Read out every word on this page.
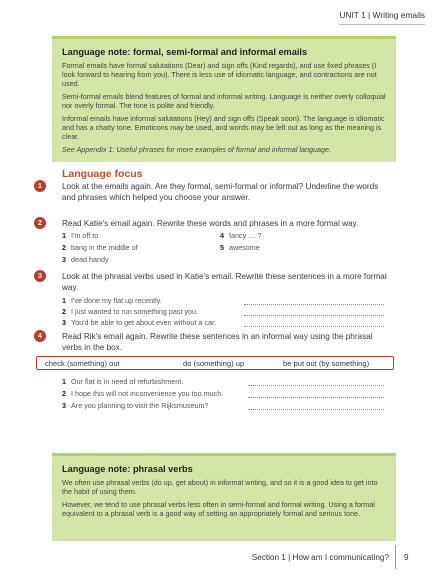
UNIT 1 | Writing emails
Language note: formal, semi-formal and informal emails

Formal emails have formal salutations (Dear) and sign offs (Kind regards), and use fixed phrases (I look forward to hearing from you). There is less use of idiomatic language, and contractions are not used.

Semi-formal emails blend features of formal and informal writing. Language is neither overly colloquial nor overly formal. The tone is polite and friendly.

Informal emails have informal salutations (Hey) and sign offs (Speak soon). The language is idiomatic and has a chatty tone. Emoticons may be used, and words may be left out as long as the meaning is clear.

See Appendix 1: Useful phrases for more examples of formal and informal language.

Language focus
1	Look at the emails again. Are they formal, semi-formal or informal? Underline the words and phrases which helped you choose your answer.
2	Read Katie's email again. Rewrite these words and phrases in a more formal way.
1 I'm off to
2 bang in the middle of
3 dead handy
4 fancy … ?
5 awesome
3	Look at the phrasal verbs used in Katie's email. Rewrite these sentences in a more formal way.
1 I've done my flat up recently.
2 I just wanted to run something past you.
3 You'd be able to get about even without a car.
4
check (something) out	do (something) up	be put out (by something)
1 Our flat is in need of refurbishment.
2 I hope this will not inconvenience you too much.
3 Are you planning to visit the Rijksmuseum?
Language note: phrasal verbs

We often use phrasal verbs (do up, get about) in informal writing, and so it is a good idea to get into the habit of using them.

However, we tend to use phrasal verbs less often in semi-formal and formal writing. Using a formal equivalent to a phrasal verb is a good way of setting an appropriately formal and serious tone.

Section 1 | How am I communicating? 9
Read Rik's email again. Rewrite these sentences in an informal way using the phrasal verbs in the box.
